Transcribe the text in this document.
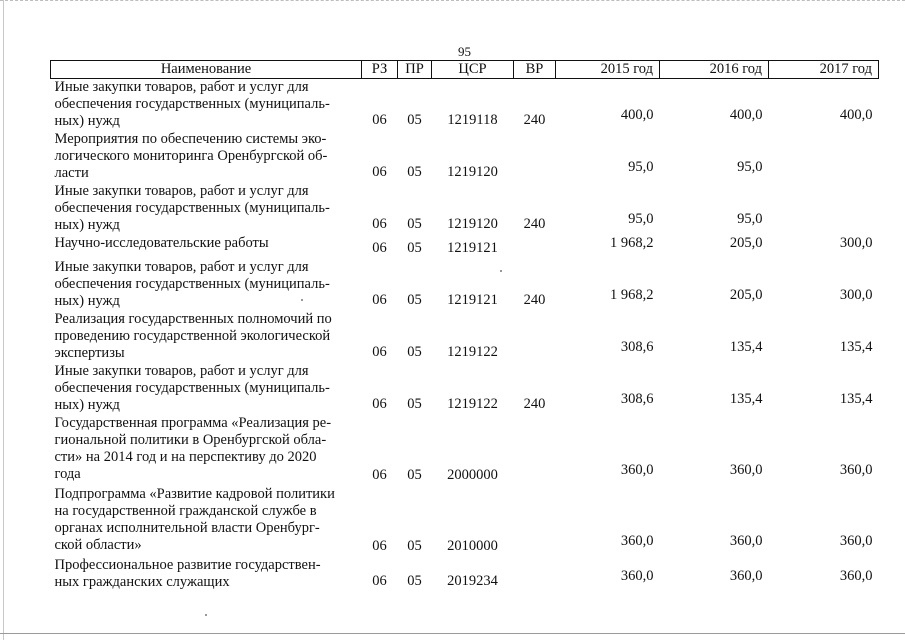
95
Наименование	РЗ	ПР	ЦСР	ВР	2015 год	2016 год	2017 год

Иные закупки товаров, работ и услуг для
обеспечения государственных (муниципаль-
ных) нужд	06	05	1219118	240	400,0	400,0	400,0

Мероприятия по обеспечению системы эко-
логического мониторинга Оренбургской об-
ласти	06	05	1219120		95,0	95,0	

Иные закупки товаров, работ и услуг для
обеспечения государственных (муниципаль-
ных) нужд	06	05	1219120	240	95,0	95,0	

Научно-исследовательские работы	06	05	1219121		1 968,2	205,0	300,0

Иные закупки товаров, работ и услуг для
обеспечения государственных (муниципаль-
ных) нужд	06	05	1219121	240	1 968,2	205,0	300,0

Реализация государственных полномочий по
проведению государственной экологической
экспертизы	06	05	1219122		308,6	135,4	135,4

Иные закупки товаров, работ и услуг для
обеспечения государственных (муниципаль-
ных) нужд	06	05	1219122	240	308,6	135,4	135,4

Государственная программа «Реализация ре-
гиональной политики в Оренбургской обла-
сти» на 2014 год и на перспективу до 2020
года	06	05	2000000		360,0	360,0	360,0

Подпрограмма «Развитие кадровой политики
на государственной гражданской службе в
органах исполнительной власти Оренбург-
ской области»	06	05	2010000		360,0	360,0	360,0

Профессиональное развитие государствен-
ных гражданских служащих	06	05	2019234		360,0	360,0	360,0
